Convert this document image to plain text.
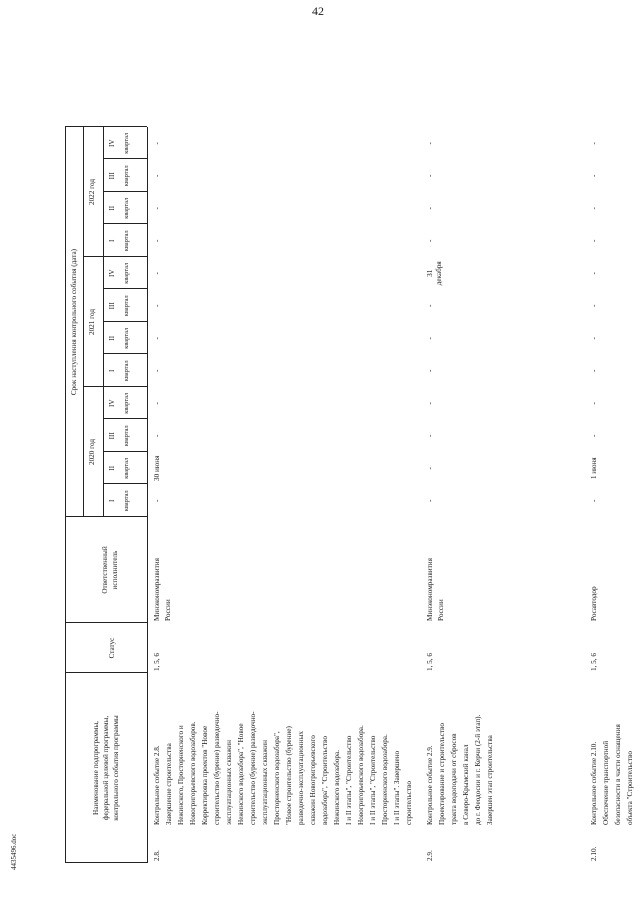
42
Наименование подпрограммы, федеральной целевой программы, контрольного события программы
Статус
Ответственный исполнитель
Срок наступления контрольного события (дата)
2020 год
2021 год
2022 год
I квартал
II квартал
III квартал
IV квартал
I квартал
II квартал
III квартал
IV квартал
I квартал
II квартал
III квартал
IV квартал
2.8.
Контрольное событие 2.8. Завершение строительства Нежинского, Просторненского и Новогригорьевского водозаборов. Корректировка проектов "Новое строительство (бурение) разведочно- эксплуатационных скважин Нежинского водозабора", "Новое строительство (бурение) разведочно- эксплуатационных скважин Просторненского водозабора", "Новое строительство (бурение) разведочно-эксплуатационных скважин Новогригорьевского водозабора", "Строительство Нежинского водозабора. I и II этапы", "Строительство Новогригорьевского водозабора. I и II этапы", "Строительство Просторненского водозабора. I и II этапы". Завершено строительство
1, 5, 6
Минэкономразвития России
-
30 июня
-
-
-
-
-
-
-
-
-
-
2.9.
Контрольное событие 2.9. Проектирование и строительство тракта водоподачи от сбросов в Северо-Крымский канал до г. Феодосии и г. Керчи (2-й этап). Завершен этап строительства
1, 5, 6
Минэкономразвития России
-
-
-
-
-
-
-
31
декабря
-
-
-
-
2.10.
Контрольное событие 2.10. Обеспечение транспортной безопасности в части оснащения объекта "Строительство
1, 5, 6
Росавтодор
-
1 июня
-
-
-
-
-
-
-
-
-
-
4435496.doc
